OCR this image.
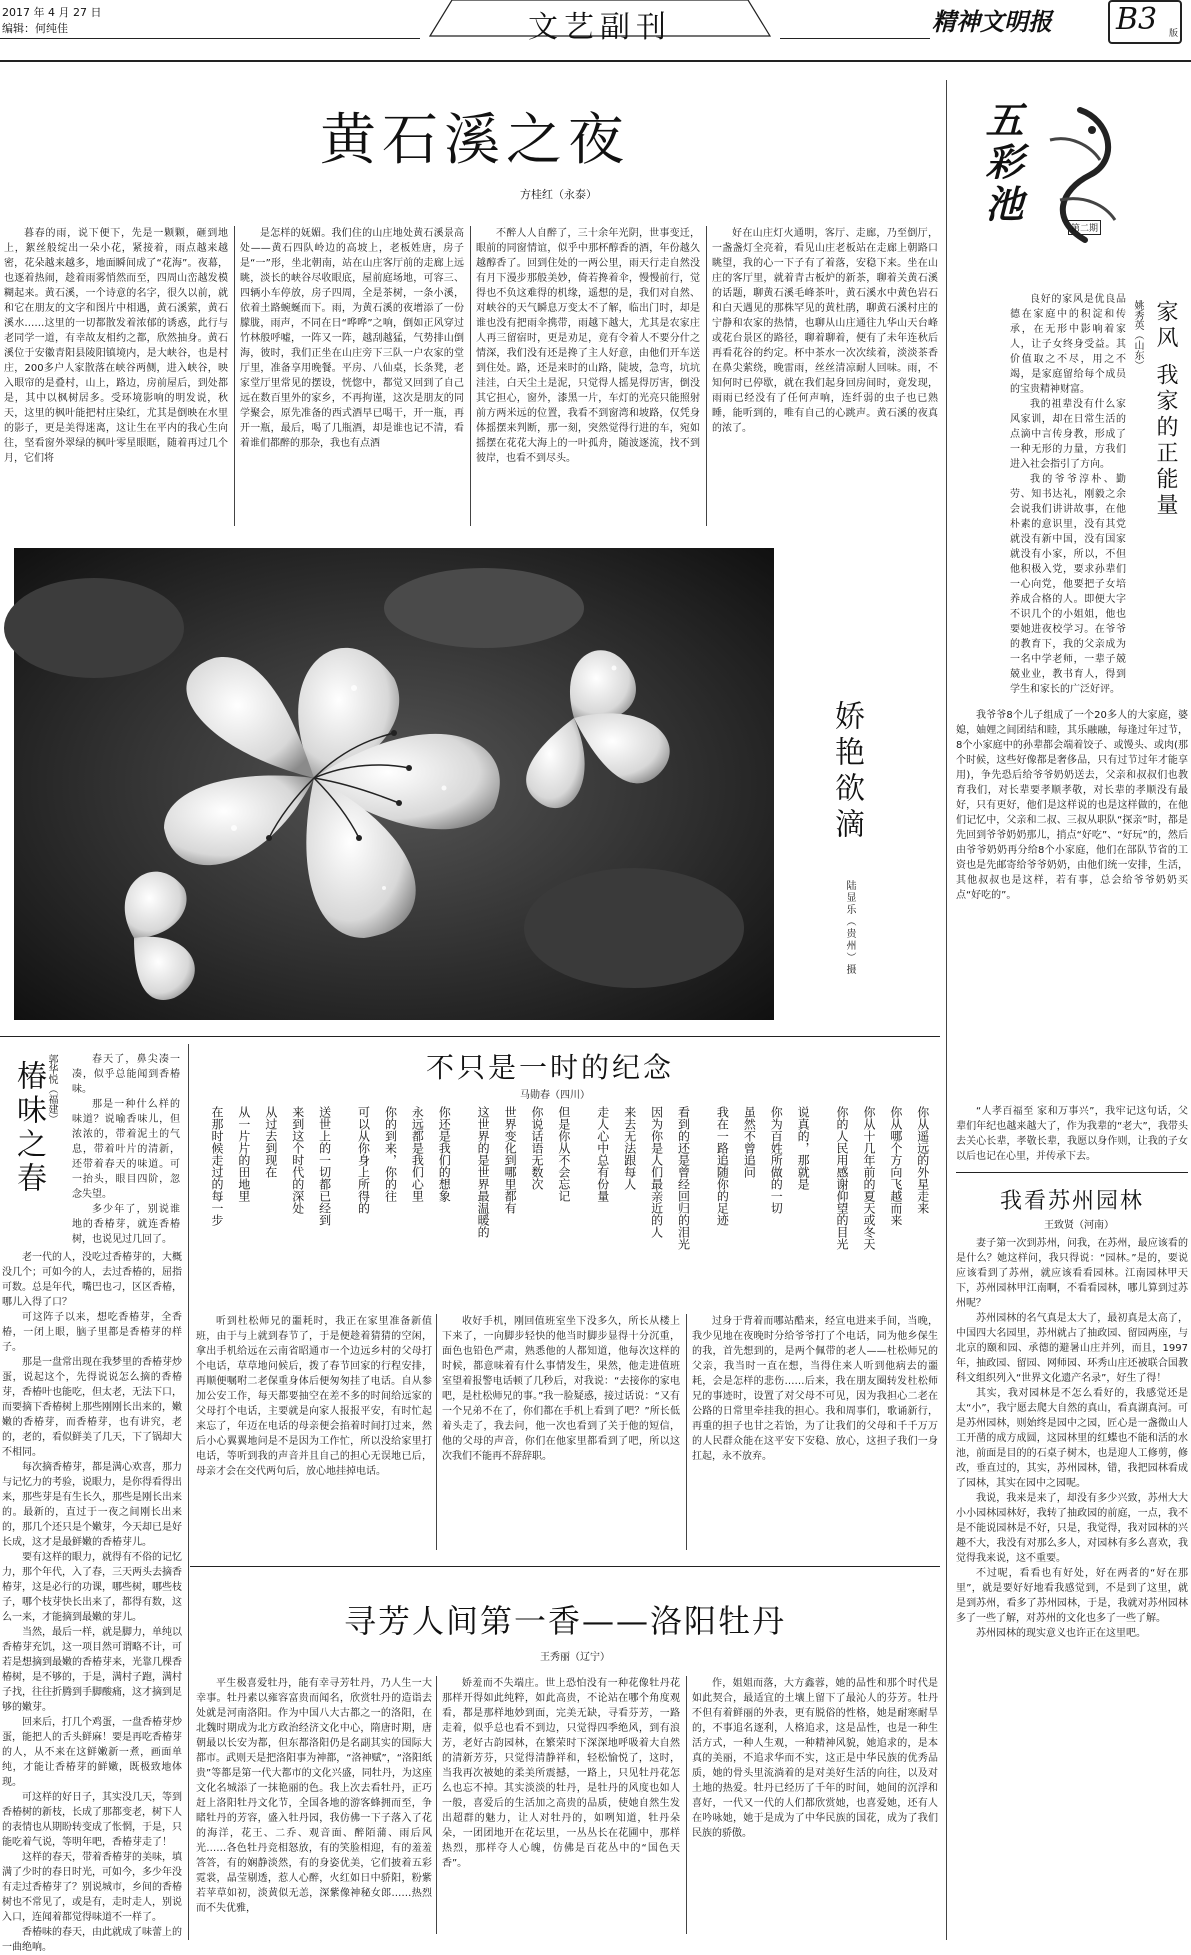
2017 年 4 月 27 日
编辑：何纯佳	文艺副刊	精神文明报 B3 版
黄石溪之夜
方桂红（永泰）

暮春的雨，说下便下，先是一颗颗，砸到地上，絮丝般绽出一朵小花，紧接着，雨点越来越密，花朵越来越多，地面瞬间成了“花海”。夜幕，也逐着热闹，趁着雨雾悄然而至，四周山峦越发模糊起来。黄石溪，一个诗意的名字，很久以前，就和它在朋友的文字和图片中相遇，黄石溪萦，黄石溪水……这里的一切都散发着浓郁的诱惑，此行与老同学一道，有幸故友相约之都，欣然抽身。黄石溪位于安徽青阳县陵阳镇境内，是大峡谷，也是村庄，200多户人家散落在峡谷两侧，进入峡谷，映入眼帘的是叠村，山上，路边，房前屋后，到处都是，其中以枫树居多。受环境影响的明发说，秋天，这里的枫叶能把村庄染红，尤其是倒映在水里的影子，更是美得迷离，这让生在平内的我心生向往，坚看窗外翠绿的枫叶零星眼眶，随着再过几个月，它们将

是怎样的妩媚。我们住的山庄地处黄石溪景高处——黄石四队岭边的高坡上，老板姓唐，房子是“一”形，坐北朝南，站在山庄客厅前的走廊上远眺，淡长的峡谷尽收眼底，屋前庭场地，可容三、四辆小车停放，房子四周，全是茶树，一条小溪，依着土路蜿蜒而下。雨，为黄石溪的夜增添了一份朦胧，雨声，不同在日“哗哗”之响，倒如正风穿过竹林般呼嘘，一阵又一阵，越刮越猛，气势排山倒海，彼时，我们正坐在山庄旁下三队一户农家的堂厅里，准备享用晚餐。平房、八仙桌，长条凳，老家堂厅里常见的摆设，恍惚中，都觉又回到了自己远在数百里外的家乡，不再拘谨，这次是朋友的同学聚会，原先准备的西式酒早已喝干，开一瓶，再开一瓶，最后，喝了几瓶酒，却是谁也记不清，看着谁们都醉的那杂，我也有点酒

不醉人人自醉了，三十余年光阴，世事变迁，眼前的同窗情谊，似乎中那杯醇香的酒，年份越久越醇香了。回到住处的一两公里，雨天行走自然没有月下漫步那般美妙，倚若搀着伞，慢慢前行，觉得也不负这难得的机缘，遥想的是，我们对自然、对峡谷的天气瞬息万变太不了解，临出门时，却是谁也没有把雨伞携带，雨越下越大，尤其是农家庄人再三留宿时，更是劝足，竟有令着人不要分什之情深，我们没有还是搀了主人好意，由他们开车送到住处。路，还是来时的山路，陡坡，急弯，坑坑洼洼，白天尘土是泥，只觉得人摇晃得厉害，倒没其它担心，窗外，漆黑一片，车灯的光亮只能照射前方两米远的位置，我看不到窗湾和坡路，仅凭身体摇摆来判断，那一刻，突然觉得行进的车，宛如摇摆在花花大海上的一叶孤舟，随波逐流，找不到彼岸，也看不到尽头。

好在山庄灯火通明，客厅、走廊，乃至倒厅，一盏盏灯全亮着，看见山庄老板站在走廊上朝路口眺望，我的心一下子有了着落，安稳下来。坐在山庄的客厅里，就着青古板炉的新茶，聊着关黄石溪的话题，聊黄石溪毛峰茶叶，黄石溪水中黄色岩石和白天遇见的那株罕见的黄杜鹃，聊黄石溪村庄的宁静和农家的热情，也聊从山庄通往九华山天台峰或花台景区的路径，聊着聊着，便有了未年连秋后再看花谷的约定。杯中茶水一次次续着，淡淡茶香在鼻尖萦绕，晚雷雨，丝丝清凉耐人回味。雨，不知何时已停歇，就在我们起身回房间时，竟发现，雨雨已经没有了任何声响，连纤弱的虫子也已熟睡，能听到的，唯有自己的心跳声。黄石溪的夜真的浓了。

五彩池
第二期
家风 我家的正能量
姚秀英（山东）

良好的家风是优良品德在家庭中的积淀和传承，在无形中影响着家人，让子女终身受益。其价值取之不尽，用之不竭，是家庭留给每个成员的宝贵精神财富。

我的祖辈没有什么家风家训，却在日常生活的点滴中言传身教，形成了一种无形的力量，方我们进入社会指引了方向。

我的爷爷淳朴、勤劳、知书达礼，刚毅之余会说我们讲讲故事，在他朴素的意识里，没有其党就没有新中国，没有国家就没有小家，所以，不但他积极入党，要求孙辈们一心向党，他要把子女培养成合格的人。即便大字不识几个的小姐姐，他也要她进夜校学习。在爷爷的教育下，我的父亲成为一名中学老师，一辈子兢兢业业，教书育人，得到学生和家长的广泛好评。

我爷爷8个儿子组成了一个20多人的大家庭，婆媳，妯娌之间团结和睦，其乐融融，每逢过年过节，8个小家庭中的孙辈都会端着饺子、或馒头、或肉(那个时候，这些好像都是奢侈品，只有过节过年才能享用)，争先恐后给爷爷奶奶送去，父亲和叔叔们也教育我们，对长辈要孝顺孝敬，对长辈的孝顺没有最好，只有更好，他们是这样说的也是这样做的，在他们记忆中，父亲和二叔、三叔从职队“探亲”时，都是先回到爷爷奶奶那儿，捎点“好吃”、“好玩”的，然后由爷爷奶奶再分给8个小家庭，他们在部队节省的工资也是先邮寄给爷爷奶奶，由他们统一安排，生活，其他叔叔也是这样，若有事，总会给爷爷奶奶买点“好吃的”。

“人孝百福至 家和万事兴”，我牢记这句话，父辈们年纪也越来越大了，作为我辈的“老大”，我带头去关心长辈，孝敬长辈，我愿以身作则，让我的子女以后也记在心里，并传承下去。

我看苏州园林
王致贤（河南）

妻子第一次到苏州，问我，在苏州，最应该看的是什么？她这样问，我只得说：“园林。”是的，要说应该看到了苏州，就应该看看园林。江南园林甲天下，苏州园林甲江南啊，不看看园林，哪儿算到过苏州呢？

苏州园林的名气真是太大了，最初真是太高了，中国四大名园里，苏州就占了抽政园、留园两座，与北京的颐和园、承德的避暑山庄并列，而且，1997年，抽政园、留园、网师园、环秀山庄还被联合国教科文组织列入“世界文化遗产名录”，好生了得！

其实，我对园林是不怎么看好的，我感觉还是太“小”，我宁愿去爬大自然的真山，看真湖真河。可是苏州园林，则始终是园中之园，匠心是一盏微山人工开凿的成方成圆，这园林里的红蝶也不能和活的水池，前面是目的的石桌子树木，也是迎人工修剪，修改，垂直过的，其实，苏州园林，错，我把园林看成了园林，其实在园中之园呢。

我说，我来是来了，却没有多少兴致，苏州大大小小园林园林好，我转了抽政园的前庭，一点，我不是不能说园林是不好，只是，我觉得，我对园林的兴趣不大，我没有对那么多人，对园林有多么喜欢，我觉得我来说，这不重要。

不过呢，看看也有好处，好在两者的“好在那里”，就是要好好地看我感觉到，不是到了这里，就是到苏州，看多了苏州园林，于是，我就对苏州园林多了一些了解，对苏州的文化也多了一些了解。

苏州园林的现实意义也许正在这里吧。

娇艳欲滴
陆显乐（贵州）摄
椿味之春 郭华悦（福建）	春天了，鼻尖凑一凑，似乎总能闻到香椿味。

那是一种什么样的味道？说喻香味儿，但浓浓的，带着泥土的气息，带着叶片的清新，还带着春天的味道。可一抬头，眼目四阶，忽念失望。

多少年了，别说谁地的香椿芽，就连香椿树，也说见过几回了。

老一代的人，没吃过香椿芽的，大概没几个；可如今的人，去过香椿的，屈指可数。总是年代，嘴巴也刁，区区香椿，哪儿入得了口？

可这阵子以来，想吃香椿芽，全香椿，一闭上眼，脑子里都是香椿芽的样子。

那是一盘常出现在我梦里的香椿芽炒蛋，说起这个，先得说说怎么摘的香椿芽，香椿叶也能吃，但太老，无法下口，而要摘下香椿树上那些刚刚长出来的，嫩嫩的香椿芽，而香椿芽，也有讲究，老的，老的，看似鲜美了几天，下了锅却大不相同。

每次摘香椿芽，都是满心欢喜，那力与记忆力的考验，说眼力，是你得看得出来，那些芽是有生长久，那些是刚长出来的。最新的，直过于一夜之间刚长出来的，那几个还只是个嫩芽，今天却已是好长成，这才是最鲜嫩的香椿芽儿。

要有这样的眼力，就得有不俗的记忆力，那个年代，入了春，三天两头去摘香椿芽，这是必行的功课，哪些树，哪些枝子，哪个枝芽快长出来了，都得有数，这么一来，才能摘到最嫩的芽儿。

当然，最后一样，就是脚力，单纯以香椿芽充饥，这一项目然可谓略不计，可若是想摘到最嫩的香椿芽来，光靠几棵香椿树，是不够的，于是，满村子跑，满村子找，往往折腾到手脚酸痛，这才摘到足够的嫩芽。

回来后，打几个鸡蛋，一盘香椿芽炒蛋，能把人的舌头鲜麻！要是再吃香椿芽的人，从不来在这鲜嫩新一煮，画面单纯，才能让香椿芽的鲜嫩，既极致地体现。

可这样的好日子，其实没几天，等到香椿树的新枝，长成了那都变老，树下人的表情也从期盼转变成了怅惘，于是，只能吃着气说，等明年吧，香椿芽走了！

这样的春天，带着香椿芽的美味，填满了少时的春日时光，可如今，多少年没有走过香椿芽了？别说城市，乡间的香椿树也不常见了，或是有，走时走人，别说入口，连闻着都觉得味道不一样了。

香椿味的春天，由此就成了味蕾上的一曲绝响。

不只是一时的纪念
马勋春（四川）
你从遥远的外星走来
你从哪个方向飞越而来
你从十几年前的夏天或冬天
你的人民用感谢仰望的目光
说真的，那就是
你为百姓所做的一切
虽然不曾追问
我在一路追随你的足迹
看到的还是曾经回归的泪光
因为你是人们最亲近的人
来去无法跟每人
走人心中总有份量
但是你从不会忘记
你说话语无数次
世界变化到哪里都有
这世界的是世界最温暖的
你还是我们的想象
永远都是我们心里
你的到来，你的往
可以从你身上所得的
送世上的一切都已经到
来到这个时代的深处
从过去到现在
从一片片的田地里
在那时候走过的每一步

听到杜松师兄的噩耗时，我正在家里准备新值班，由于与上就到春节了，于是便趁着猜猜的空闲，拿出手机给远在云南省昭通市一个边远乡村的父母打个电话，草草地问候后，拨了春节回家的行程安排，再顺便嘱咐二老保重身体后便匆匆挂了电话。自从参加公安工作，每天都要抽空在差不多的时间给远家的父母打个电话，主要就是向家人报报平安，有时忙起来忘了，年迈在电话的母亲便会掐着时间打过来，然后小心翼翼地问是不是因为工作忙，所以没给家里打电话，等听到我的声音并且自己的担心无误地已后，母亲才会在交代两句后，放心地挂掉电话。

收好手机，刚回值班室坐下没多久，所长从楼上下来了，一向脚步轻快的他当时脚步显得十分沉重，面色也铅色严肃，熟悉他的人都知道，他每次这样的时候，都意味着有什么事情发生，果然，他走进值班室望着报警电话顿了几秒后，对我说：“去接你的家电吧，是杜松师兄的事。”我一脸疑惑，接过话说：“又有一个兄弟不在了，你们都在手机上看到了吧？”所长低着头走了，我去问，他一次也看到了关于他的短信，他的父母的声音，你们在他家里都看到了吧，所以这次我们不能再不辞辞职。

过身于背着而哪站酷来，经宣电进来手间，当晚，我少见地在夜晚时分给爷爷打了个电话，同为他乡保生的我，首先想到的，是两个佩带的老人——杜松师兄的父亲，我当时一直在想，当得住来人听到他病去的噩耗，会是怎样的悲伤……后来，我在朋友圈转发杜松师兄的事迹时，设置了对父母不可见，因为我担心二老在公路的日常里牵挂我的担心。我和周事们，歌诵新行，再重的担子也甘之若饴，为了让我们的父母和千千万万的人民群众能在这平安下安稳、放心，这担子我们一身扛起，永不放弃。

寻芳人间第一香——洛阳牡丹
王秀丽（辽宁）

平生极喜爱牡丹，能有幸寻芳牡丹，乃人生一大幸事。牡丹素以雍容富贵而闻名，欣赏牡丹的造诣去处就是河南洛阳。作为中国八大古都之一的洛阳，在北魏时期成为北方政治经济文化中心，隋唐时期，唐朝最以长安为都，但东都洛阳仍是名副其实的国际大都市。武则天是把洛阳事为神都，“洛神赋”，“洛阳纸贵”等都是第一代大都市的文化兴盛，同牡丹，为这座文化名城添了一抹艳丽的色。我上次去看牡丹，正巧赶上洛阳牡丹文化节，全国各地的游客蜂拥而至，争睹牡丹的芳容，盛入牡丹园，我仿佛一下子落入了花的海洋，花王、二乔、观音面、醉陌蒲、雨后风光……各色牡丹竞相怒放，有的笑脸相迎，有的羞羞答答，有的娴静淡然，有的身姿优美，它们披着五彩霓裳，晶莹剔透，惹人心醉，火红如日中骄阳，粉紫若苹草如初，淡黄似无恙，深紫像神秘女郎……热烈而不失优雅，

娇羞而不失端庄。世上恐怕没有一种花像牡丹花那样开得如此纯粹，如此高贵，不论站在哪个角度观看，都是那样地妙到面，完美无缺，寻看芬芳，一路走着，似乎总也看不到边，只觉得四季绝风，到有浪芳，老好古韵园林，在繁荣时下深深地呼吸着大自然的清新芳芬，只觉得清静祥和，轻松愉悦了，这时，当我再次被她的柔美所震撼，一路上，只见牡丹花怎么也忘不掉。其实淡淡的牡丹，是牡丹的风度也如人一般，喜爱后的生活加之高贵的品质，使她自然生发出超群的魅力，让人对牡丹的，如咧知道，牡丹朵朵，一团团地开在花坛里，一丛丛长在花圃中，那样热烈，那样夺人心魄，仿佛是百花丛中的“国色天香”。

作，姐姐而落，大方鑫蓉，她的品性和那个时代是如此契合，最适宜的土壤上留下了最沁人的芬芳。牡丹不但有着鲜丽的外表，更有脱俗的性格，她是耐寒耐旱的，不事追名逐利，人格追求，这是品性，也是一种生活方式，一种人生观，一种精神风貌，她追求的，是本真的美丽，不追求华而不实，这正是中华民族的优秀品质，她的骨头里流淌着的是对美好生活的向往，以及对土地的热爱。牡丹已经历了千年的时间，她间的沉浮和喜好，一代又一代的人们都欣赏她，也喜爱她，还有人在吟咏她，她于是成为了中华民族的国花，成为了我们民族的骄傲。
